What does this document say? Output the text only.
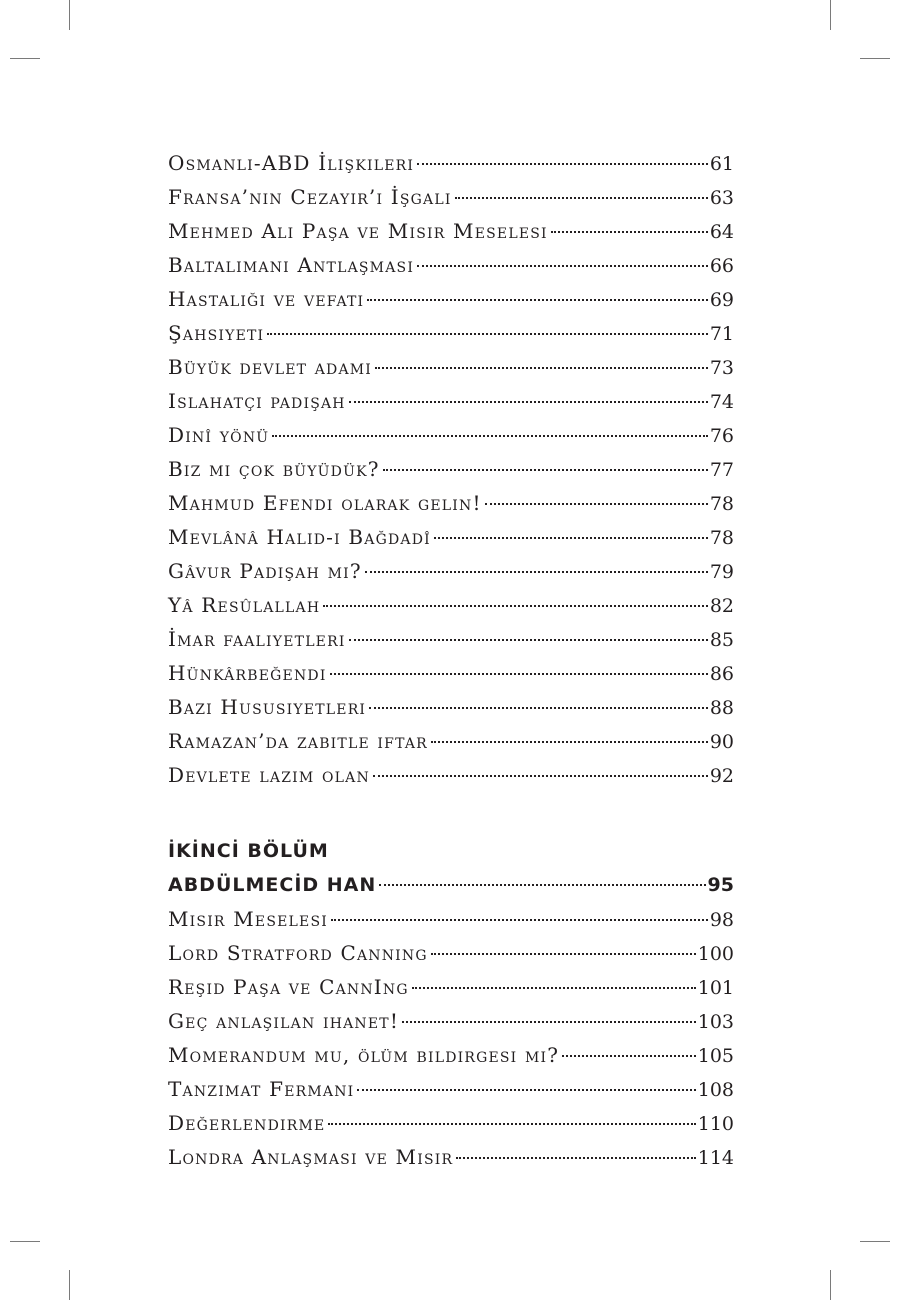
Osmanlı-ABD İlişkileri	61
Fransa’nın Cezayir’i İşgali	63
Mehmed Ali Paşa ve Mısır Meselesi	64
Baltalimanı Antlaşması	66
Hastalığı ve vefatı	69
Şahsiyeti	71
Büyük devlet adamı	73
Islahatçı padişah	74
Dinî yönü	76
Biz mi çok büyüdük?	77
Mahmud Efendi olarak gelin!	78
Mevlânâ Halid-i Bağdadî	78
Gâvur Padişah mı?	79
Yâ Resûlallah	82
İmar faaliyetleri	85
Hünkârbeğendi	86
Bazı Hususiyetleri	88
Ramazan’da zabitle iftar	90
Devlete lazım olan	92
İKİNCİ BÖLÜM
ABDÜLMECİD HAN	95
Mısır Meselesi	98
Lord Stratford Canning	100
Reşid Paşa ve CannIng	101
Geç anlaşılan ihanet!	103
Momerandum mu, ölüm bildirgesi mi?	105
Tanzimat Fermanı	108
Değerlendirme	110
Londra Anlaşması ve Mısır	114
